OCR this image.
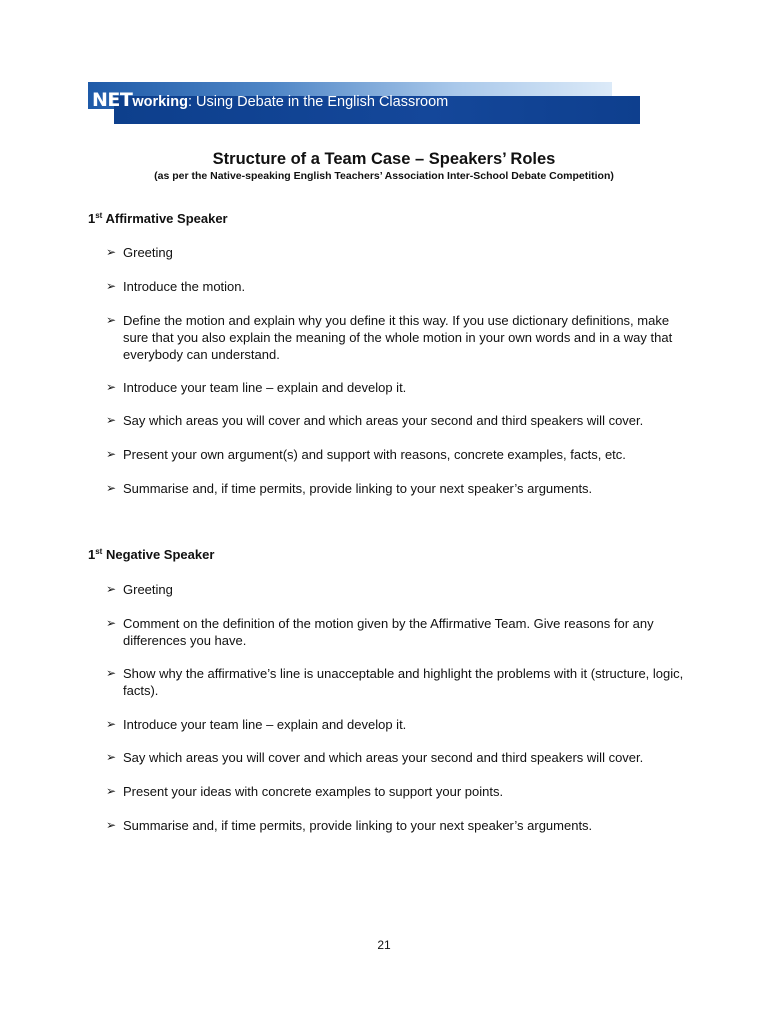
NETworking: Using Debate in the English Classroom
Structure of a Team Case – Speakers’ Roles
(as per the Native-speaking English Teachers’ Association Inter-School Debate Competition)
1st Affirmative Speaker
➢ Greeting
➢ Introduce the motion.
➢ Define the motion and explain why you define it this way. If you use dictionary definitions, make sure that you also explain the meaning of the whole motion in your own words and in a way that everybody can understand.
➢ Introduce your team line – explain and develop it.
➢ Say which areas you will cover and which areas your second and third speakers will cover.
➢ Present your own argument(s) and support with reasons, concrete examples, facts, etc.
➢ Summarise and, if time permits, provide linking to your next speaker’s arguments.
1st Negative Speaker
➢ Greeting
➢ Comment on the definition of the motion given by the Affirmative Team. Give reasons for any differences you have.
➢ Show why the affirmative’s line is unacceptable and highlight the problems with it (structure, logic, facts).
➢ Introduce your team line – explain and develop it.
➢ Say which areas you will cover and which areas your second and third speakers will cover.
➢ Present your ideas with concrete examples to support your points.
➢ Summarise and, if time permits, provide linking to your next speaker’s arguments.
21
